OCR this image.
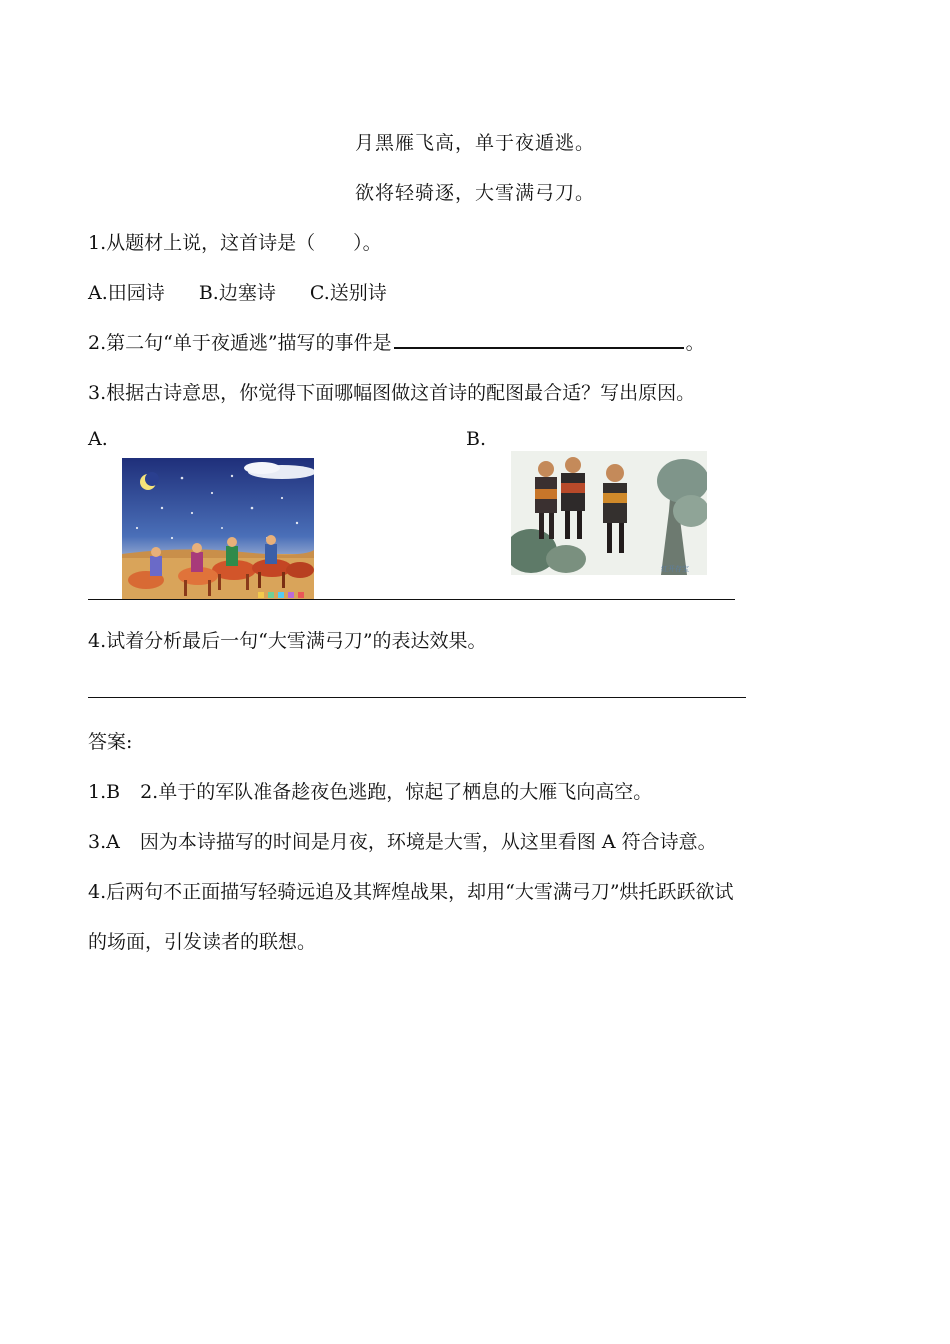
月黑雁飞高，单于夜遁逃。
欲将轻骑逐，大雪满弓刀。
1.从题材上说，这首诗是（　　）。
A.田园诗 B.边塞诗 C.送别诗
2.第二句“单于夜遁逃”描写的事件是	。
3.根据古诗意思，你觉得下面哪幅图做这首诗的配图最合适？写出原因。
A.	B.
红开存宝
4.试着分析最后一句“大雪满弓刀”的表达效果。
答案:
1.B 2.单于的军队准备趁夜色逃跑，惊起了栖息的大雁飞向高空。
3.A 因为本诗描写的时间是月夜，环境是大雪，从这里看图 A 符合诗意。
4.后两句不正面描写轻骑远追及其辉煌战果，却用“大雪满弓刀”烘托跃跃欲试
的场面，引发读者的联想。
